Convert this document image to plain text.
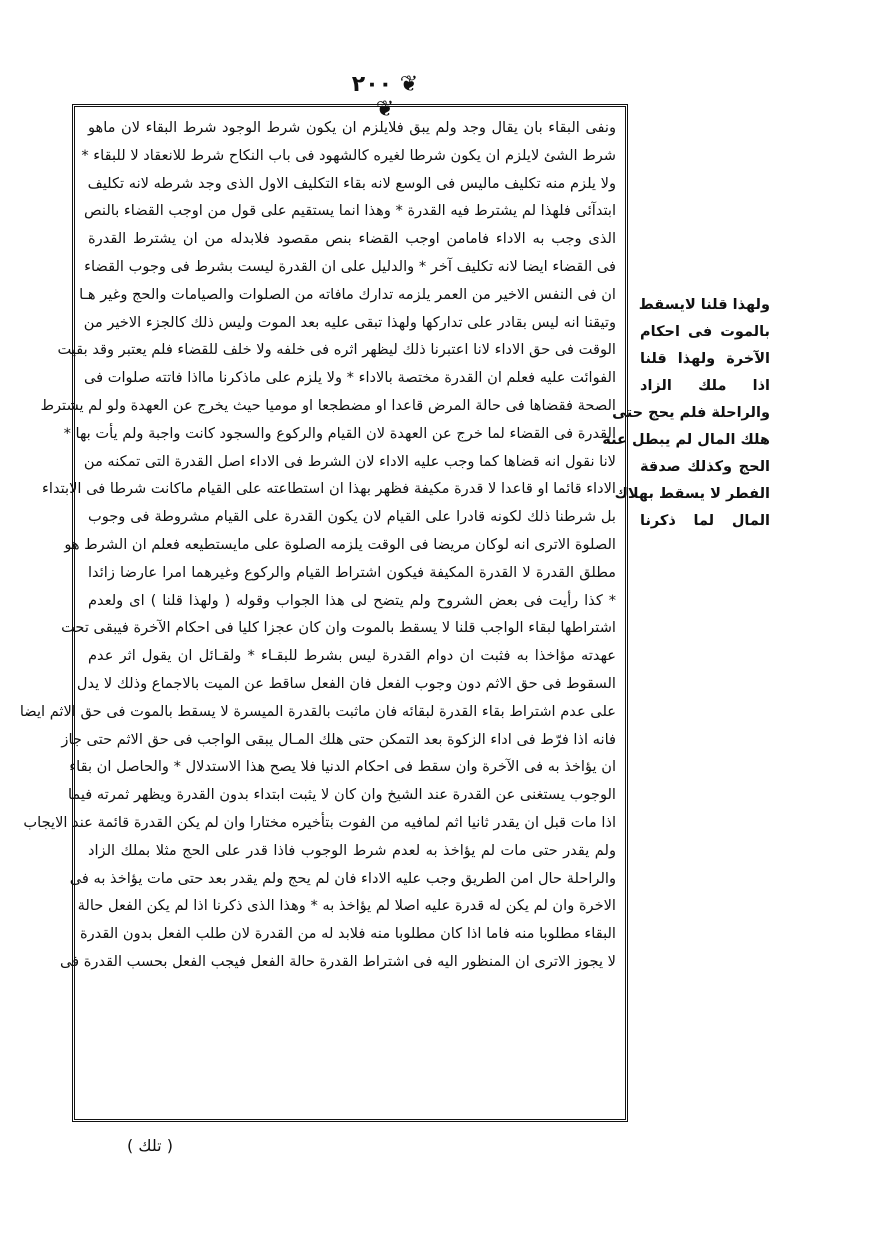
❦ ٢٠٠ ❦

ونفى البقاء بان يقال وجد ولم يبق فلايلزم ان يكون شرط الوجود شرط البقاء لان ماهو

شرط الشئ لايلزم ان يكون شرطا لغيره كالشهود فى باب النكاح شرط للانعقاد لا للبقاء *

ولا يلزم منه تكليف ماليس فى الوسع لانه بقاء التكليف الاول الذى وجد شرطه لانه تكليف

ابتدآئى فلهذا لم يشترط فيه القدرة * وهذا انما يستقيم على قول من اوجب القضاء بالنص

الذى وجب به الاداء فامامن اوجب القضاء بنص مقصود فلابدله من ان يشترط القدرة

فى القضاء ايضا لانه تكليف آخر * والدليل على ان القدرة ليست بشرط فى وجوب القضاء

ان فى النفس الاخير من العمر يلزمه تدارك مافاته من الصلوات والصيامات والحج وغير هـا

وتيقنا انه ليس بقادر على تداركها ولهذا تبقى عليه بعد الموت وليس ذلك كالجزء الاخير من

الوقت فى حق الاداء لانا اعتبرنا ذلك ليظهر اثره فى خلفه ولا خلف للقضاء فلم يعتبر وقد بقيت

الفوائت عليه فعلم ان القدرة مختصة بالاداء * ولا يلزم على ماذكرنا مااذا فاتته صلوات فى

الصحة فقضاها فى حالة المرض قاعدا او مضطجعا او موميا حيث يخرج عن العهدة ولو لم يشترط

القدرة فى القضاء لما خرج عن العهدة لان القيام والركوع والسجود كانت واجبة ولم يأت بها *

لانا نقول انه قضاها كما وجب عليه الاداء لان الشرط فى الاداء اصل القدرة التى تمكنه من

الاداء قائما او قاعدا لا قدرة مكيفة فظهر بهذا ان استطاعته على القيام ماكانت شرطا فى الابتداء

بل شرطنا ذلك لكونه قادرا على القيام لان يكون القدرة على القيام مشروطة فى وجوب

الصلوة الاترى انه لوكان مريضا فى الوقت يلزمه الصلوة على مايستطيعه فعلم ان الشرط هو

مطلق القدرة لا القدرة المكيفة فيكون اشتراط القيام والركوع وغيرهما امرا عارضا زائدا

* كذا رأيت فى بعض الشروح ولم يتضح لى هذا الجواب وقوله ( ولهذا قلنا ) اى ولعدم

اشتراطها لبقاء الواجب قلنا لا يسقط بالموت وان كان عجزا كليا فى احكام الآخرة فيبقى تحت

عهدته مؤاخذا به فثبت ان دوام القدرة ليس بشرط للبقـاء * ولقـائل ان يقول اثر عدم

السقوط فى حق الاثم دون وجوب الفعل فان الفعل ساقط عن الميت بالاجماع وذلك لا يدل

على عدم اشتراط بقاء القدرة لبقائه فان ماثبت بالقدرة الميسرة لا يسقط بالموت فى حق الاثم ايضا

فانه اذا فرّط فى اداء الزكوة بعد التمكن حتى هلك المـال يبقى الواجب فى حق الاثم حتى جاز

ان يؤاخذ به فى الآخرة وان سقط فى احكام الدنيا فلا يصح هذا الاستدلال * والحاصل ان بقاء

الوجوب يستغنى عن القدرة عند الشيخ وان كان لا يثبت ابتداء بدون القدرة ويظهر ثمرته فيما

اذا مات قبل ان يقدر ثانيا اثم لمافيه من الفوت بتأخيره مختارا وان لم يكن القدرة قائمة عند الايجاب

ولم يقدر حتى مات لم يؤاخذ به لعدم شرط الوجوب فاذا قدر على الحج مثلا بملك الزاد

والراحلة حال امن الطريق وجب عليه الاداء فان لم يحج ولم يقدر بعد حتى مات يؤاخذ به فى

الاخرة وان لم يكن له قدرة عليه اصلا لم يؤاخذ به * وهذا الذى ذكرنا اذا لم يكن الفعل حالة

البقاء مطلوبا منه فاما اذا كان مطلوبا منه فلابد له من القدرة لان طلب الفعل بدون القدرة

لا يجوز الاترى ان المنظور اليه فى اشتراط القدرة حالة الفعل فيجب الفعل بحسب القدرة فى

ولهذا قلنا لايسقط

بالموت فى احكام

الآخرة ولهذا قلنا

اذا ملك الزاد

والراحلة فلم يحج حتى

هلك المال لم يبطل عنه

الحج وكذلك صدقة

الفطر لا يسقط بهلاك

المال لما ذكرنا

( تلك )
